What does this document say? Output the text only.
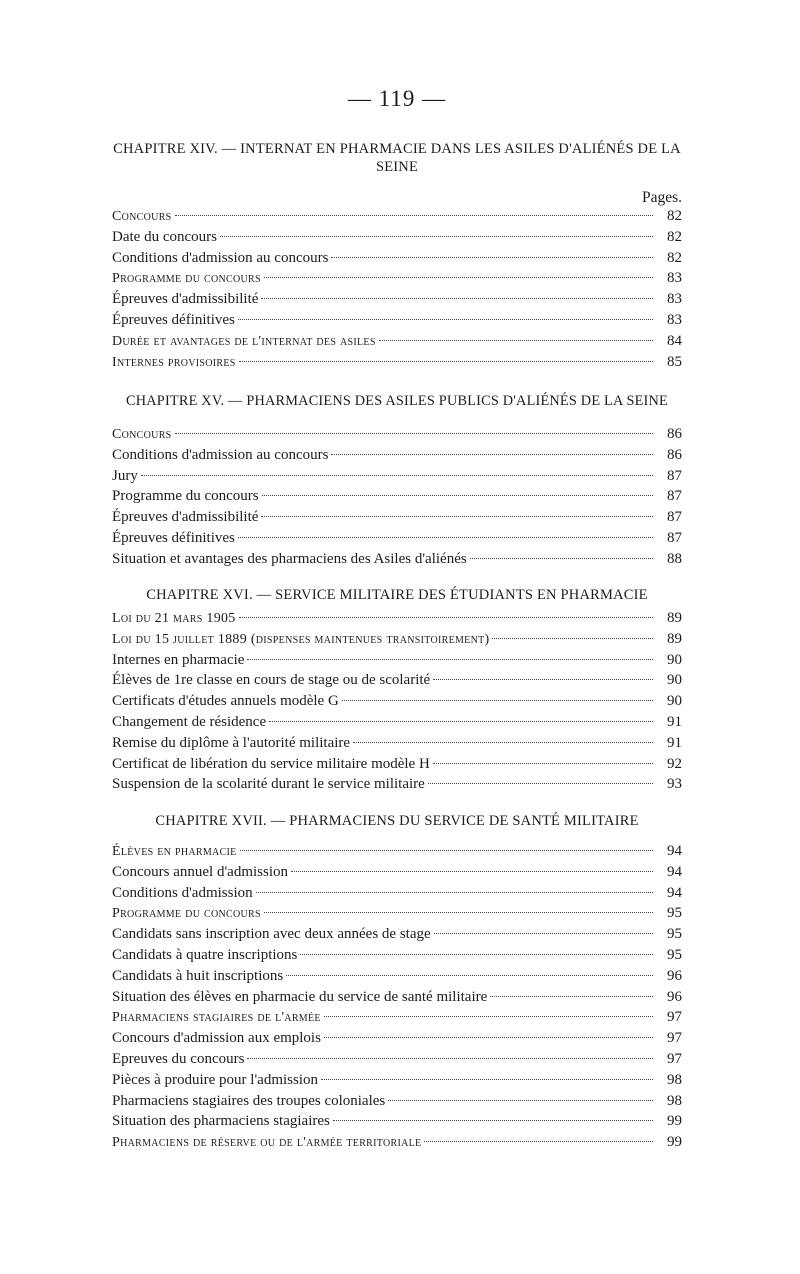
— 119 —
CHAPITRE XIV. — INTERNAT EN PHARMACIE DANS LES ASILES D'ALIÉNÉS DE LA SEINE
Pages.
Concours	82
Date du concours	82
Conditions d'admission au concours	82
Programme du concours	83
Épreuves d'admissibilité	83
Épreuves définitives	83
Durée et avantages de l'internat des asiles	84
Internes provisoires	85
CHAPITRE XV. — PHARMACIENS DES ASILES PUBLICS D'ALIÉNÉS DE LA SEINE
Concours	86
Conditions d'admission au concours	86
Jury	87
Programme du concours	87
Épreuves d'admissibilité	87
Épreuves définitives	87
Situation et avantages des pharmaciens des Asiles d'aliénés	88
CHAPITRE XVI. — SERVICE MILITAIRE DES ÉTUDIANTS EN PHARMACIE
Loi du 21 mars 1905	89
Loi du 15 juillet 1889 (dispenses maintenues transitoirement)	89
Internes en pharmacie	90
Élèves de 1re classe en cours de stage ou de scolarité	90
Certificats d'études annuels modèle G	90
Changement de résidence	91
Remise du diplôme à l'autorité militaire	91
Certificat de libération du service militaire modèle H	92
Suspension de la scolarité durant le service militaire	93
CHAPITRE XVII. — PHARMACIENS DU SERVICE DE SANTÉ MILITAIRE
Élèves en pharmacie	94
Concours annuel d'admission	94
Conditions d'admission	94
Programme du concours	95
Candidats sans inscription avec deux années de stage	95
Candidats à quatre inscriptions	95
Candidats à huit inscriptions	96
Situation des élèves en pharmacie du service de santé militaire	96
Pharmaciens stagiaires de l'armée	97
Concours d'admission aux emplois	97
Epreuves du concours	97
Pièces à produire pour l'admission	98
Pharmaciens stagiaires des troupes coloniales	98
Situation des pharmaciens stagiaires	99
Pharmaciens de réserve ou de l'armée territoriale	99
